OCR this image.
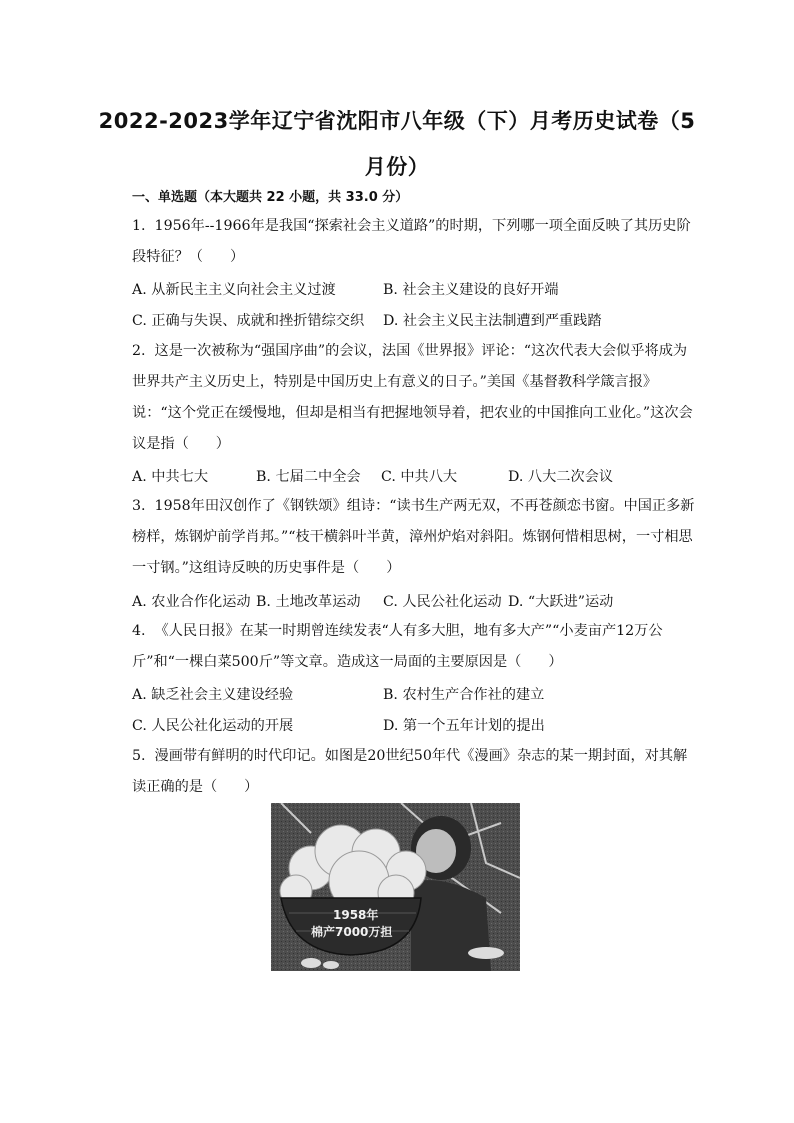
2022-2023学年辽宁省沈阳市八年级（下）月考历史试卷（5月份）
一、单选题（本大题共 22 小题，共 33.0 分）
1.  1956年--1966年是我国“探索社会主义道路”的时期，下列哪一项全面反映了其历史阶段特征？（      ）
A. 从新民主主义向社会主义过渡	B. 社会主义建设的良好开端
C. 正确与失误、成就和挫折错综交织	D. 社会主义民主法制遭到严重践踏
2.  这是一次被称为“强国序曲”的会议，法国《世界报》评论：“这次代表大会似乎将成为世界共产主义历史上，特别是中国历史上有意义的日子。”美国《基督教科学箴言报》说：“这个党正在缓慢地，但却是相当有把握地领导着，把农业的中国推向工业化。”这次会议是指（      ）
A. 中共七大	B. 七届二中全会	C. 中共八大	D. 八大二次会议
3.  1958年田汉创作了《钢铁颂》组诗：“读书生产两无双，不再苍颜恋书窗。中国正多新榜样，炼钢炉前学肖邦。”“枝干横斜叶半黄，漳州炉焰对斜阳。炼钢何惜相思树，一寸相思一寸钢。”这组诗反映的历史事件是（      ）
A. 农业合作化运动 B. 土地改革运动	C. 人民公社化运动 D. “大跃进”运动
4.  《人民日报》在某一时期曾连续发表“人有多大胆，地有多大产”“小麦亩产12万公斤”和“一棵白菜500斤”等文章。造成这一局面的主要原因是（      ）
A. 缺乏社会主义建设经验	B. 农村生产合作社的建立
C. 人民公社化运动的开展	D. 第一个五年计划的提出
5.  漫画带有鲜明的时代印记。如图是20世纪50年代《漫画》杂志的某一期封面，对其解读正确的是（      ）
1958年
棉产7000万担
